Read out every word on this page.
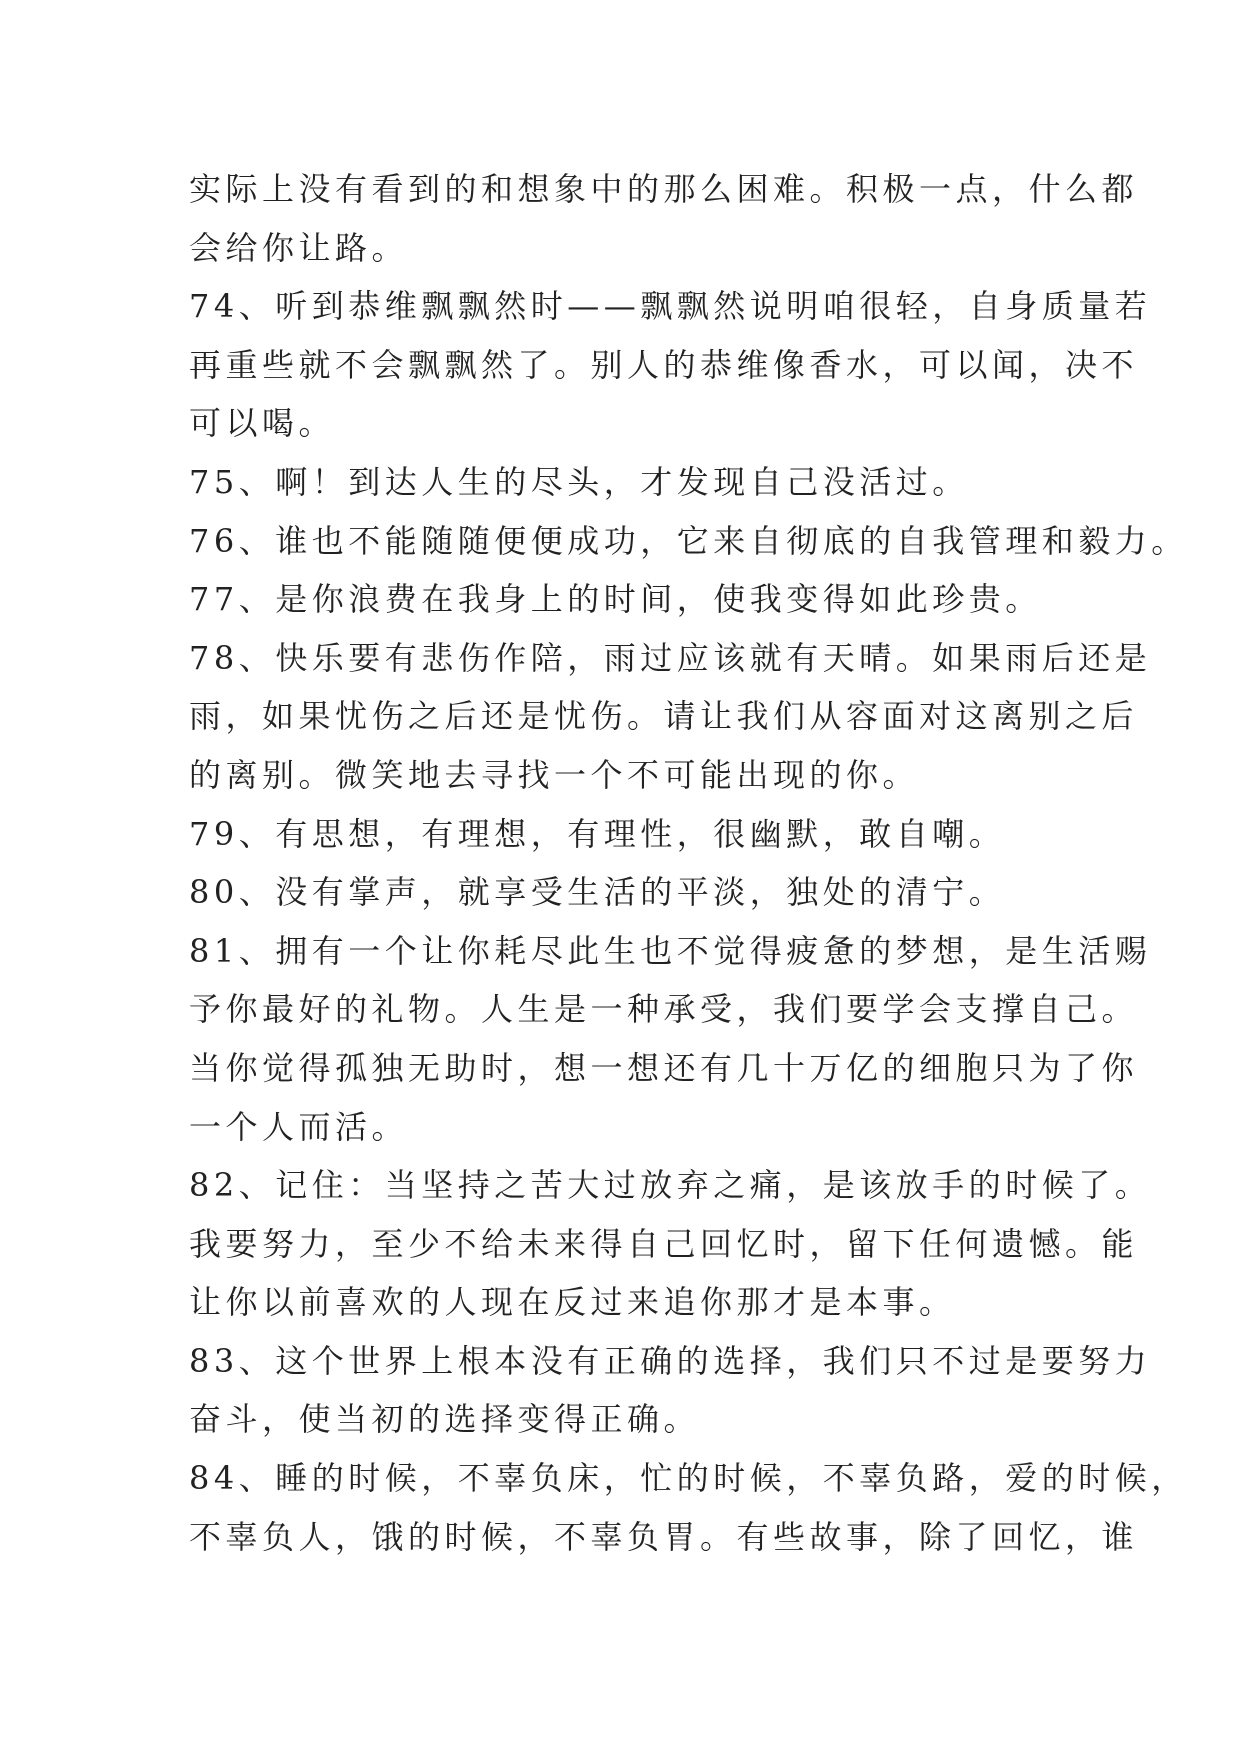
实际上没有看到的和想象中的那么困难。积极一点，什么都
会给你让路。
74、听到恭维飘飘然时——飘飘然说明咱很轻，自身质量若
再重些就不会飘飘然了。别人的恭维像香水，可以闻，决不
可以喝。
75、啊！到达人生的尽头，才发现自己没活过。
76、谁也不能随随便便成功，它来自彻底的自我管理和毅力。
77、是你浪费在我身上的时间，使我变得如此珍贵。
78、快乐要有悲伤作陪，雨过应该就有天晴。如果雨后还是
雨，如果忧伤之后还是忧伤。请让我们从容面对这离别之后
的离别。微笑地去寻找一个不可能出现的你。
79、有思想，有理想，有理性，很幽默，敢自嘲。
80、没有掌声，就享受生活的平淡，独处的清宁。
81、拥有一个让你耗尽此生也不觉得疲惫的梦想，是生活赐
予你最好的礼物。人生是一种承受，我们要学会支撑自己。
当你觉得孤独无助时，想一想还有几十万亿的细胞只为了你
一个人而活。
82、记住：当坚持之苦大过放弃之痛，是该放手的时候了。
我要努力，至少不给未来得自己回忆时，留下任何遗憾。能
让你以前喜欢的人现在反过来追你那才是本事。
83、这个世界上根本没有正确的选择，我们只不过是要努力
奋斗，使当初的选择变得正确。
84、睡的时候，不辜负床，忙的时候，不辜负路，爱的时候，
不辜负人，饿的时候，不辜负胃。有些故事，除了回忆，谁
